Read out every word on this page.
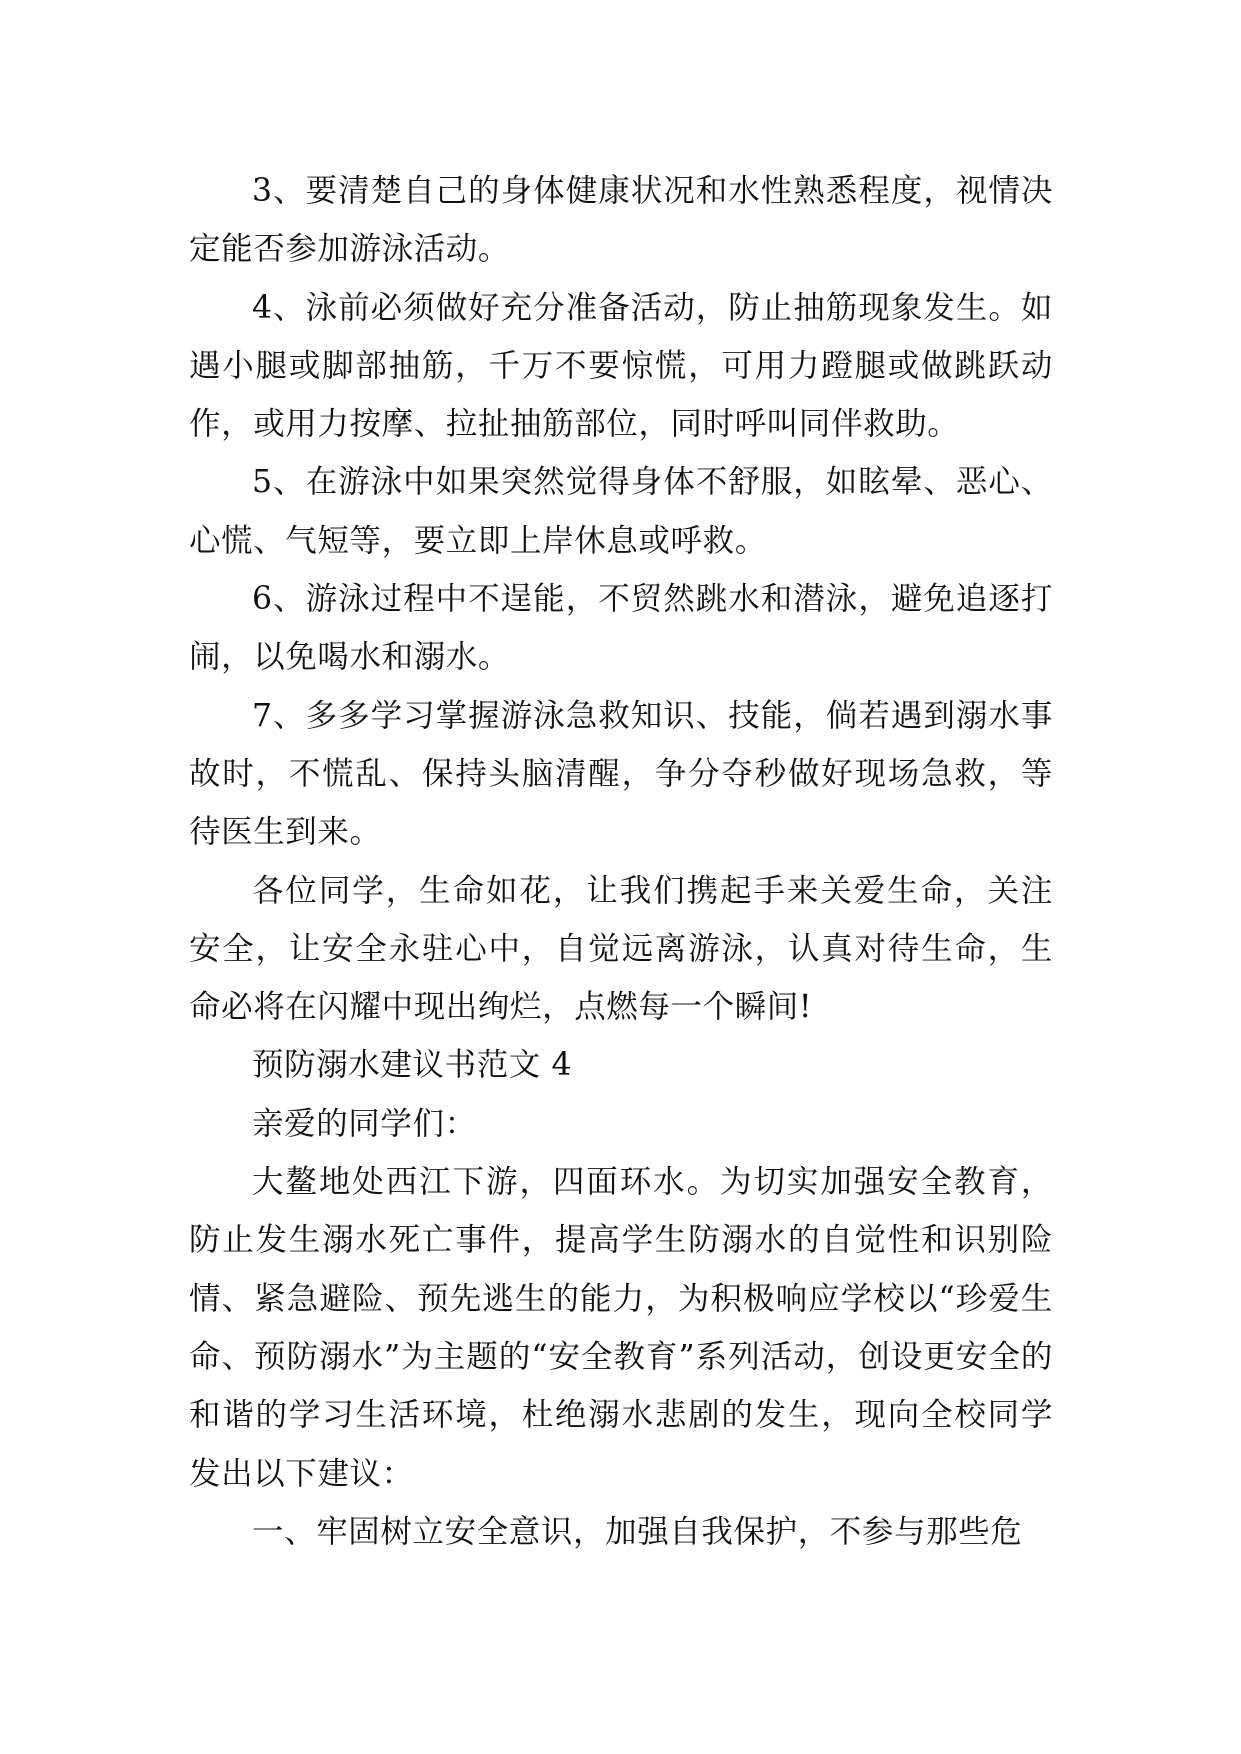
3、要清楚自己的身体健康状况和水性熟悉程度，视情决定能否参加游泳活动。

4、泳前必须做好充分准备活动，防止抽筋现象发生。如遇小腿或脚部抽筋，千万不要惊慌，可用力蹬腿或做跳跃动作，或用力按摩、拉扯抽筋部位，同时呼叫同伴救助。

5、在游泳中如果突然觉得身体不舒服，如眩晕、恶心、心慌、气短等，要立即上岸休息或呼救。

6、游泳过程中不逞能，不贸然跳水和潜泳，避免追逐打闹，以免喝水和溺水。

7、多多学习掌握游泳急救知识、技能，倘若遇到溺水事故时，不慌乱、保持头脑清醒，争分夺秒做好现场急救，等待医生到来。

各位同学，生命如花，让我们携起手来关爱生命，关注安全，让安全永驻心中，自觉远离游泳，认真对待生命，生命必将在闪耀中现出绚烂，点燃每一个瞬间!

预防溺水建议书范文 4

亲爱的同学们：

大鳌地处西江下游，四面环水。为切实加强安全教育，防止发生溺水死亡事件，提高学生防溺水的自觉性和识别险情、紧急避险、预先逃生的能力，为积极响应学校以“珍爱生命、预防溺水”为主题的“安全教育”系列活动，创设更安全的和谐的学习生活环境，杜绝溺水悲剧的发生，现向全校同学发出以下建议：

一、牢固树立安全意识，加强自我保护，不参与那些危
